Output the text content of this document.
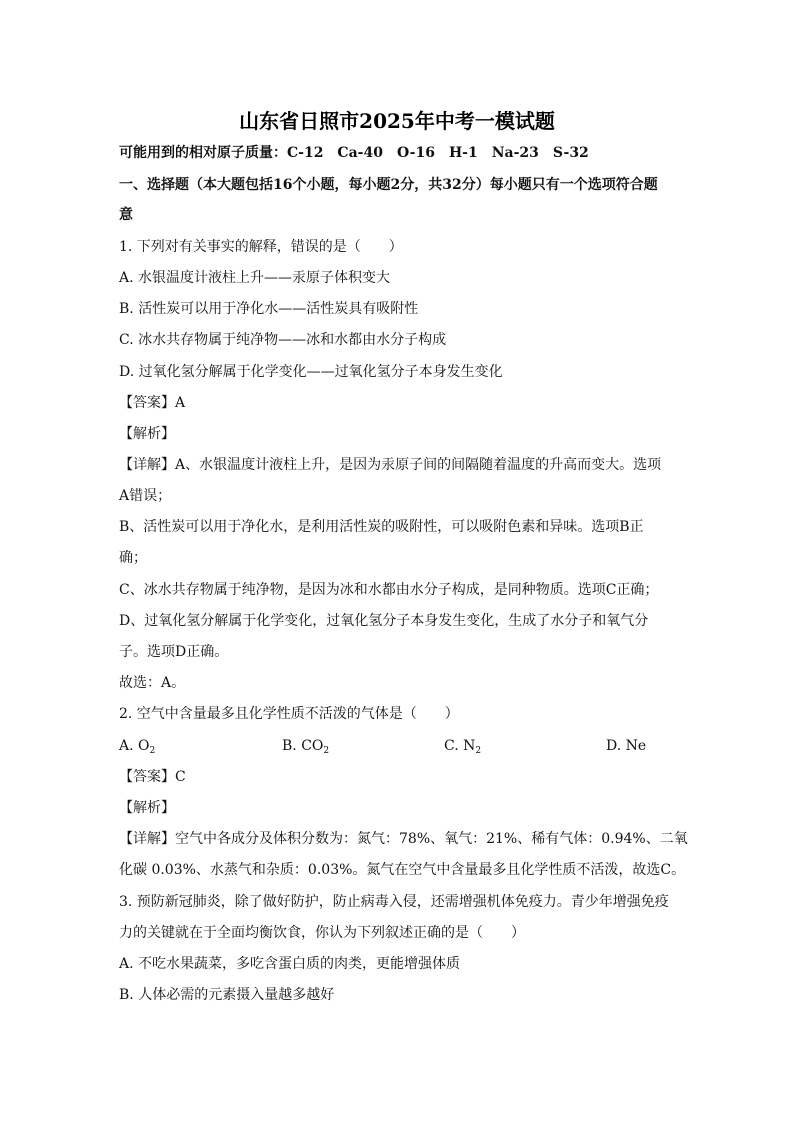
山东省日照市2025年中考一模试题
可能用到的相对原子质量：C-12　Ca-40　O-16　H-1　Na-23　S-32
一、选择题（本大题包括16个小题，每小题2分，共32分）每小题只有一个选项符合题
意
1. 下列对有关事实的解释，错误的是（　　）
A. 水银温度计液柱上升——汞原子体积变大
B. 活性炭可以用于净化水——活性炭具有吸附性
C. 冰水共存物属于纯净物——冰和水都由水分子构成
D. 过氧化氢分解属于化学变化——过氧化氢分子本身发生变化
【答案】A
【解析】
【详解】A、水银温度计液柱上升，是因为汞原子间的间隔随着温度的升高而变大。选项
A错误；
B、活性炭可以用于净化水，是利用活性炭的吸附性，可以吸附色素和异味。选项B正
确；
C、冰水共存物属于纯净物，是因为冰和水都由水分子构成，是同种物质。选项C正确；
D、过氧化氢分解属于化学变化，过氧化氢分子本身发生变化，生成了水分子和氧气分
子。选项D正确。
故选：A。
2. 空气中含量最多且化学性质不活泼的气体是（　　）
A. $O_2$	B. $CO_2$	C. $N_2$	D. Ne
【答案】C
【解析】
【详解】空气中各成分及体积分数为：氮气：78%、氧气：21%、稀有气体：0.94%、二氧
化碳 0.03%、水蒸气和杂质：0.03%。氮气在空气中含量最多且化学性质不活泼，故选C。
3. 预防新冠肺炎，除了做好防护，防止病毒入侵，还需增强机体免疫力。青少年增强免疫
力的关键就在于全面均衡饮食，你认为下列叙述正确的是（　　）
A. 不吃水果蔬菜，多吃含蛋白质的肉类，更能增强体质
B. 人体必需的元素摄入量越多越好
